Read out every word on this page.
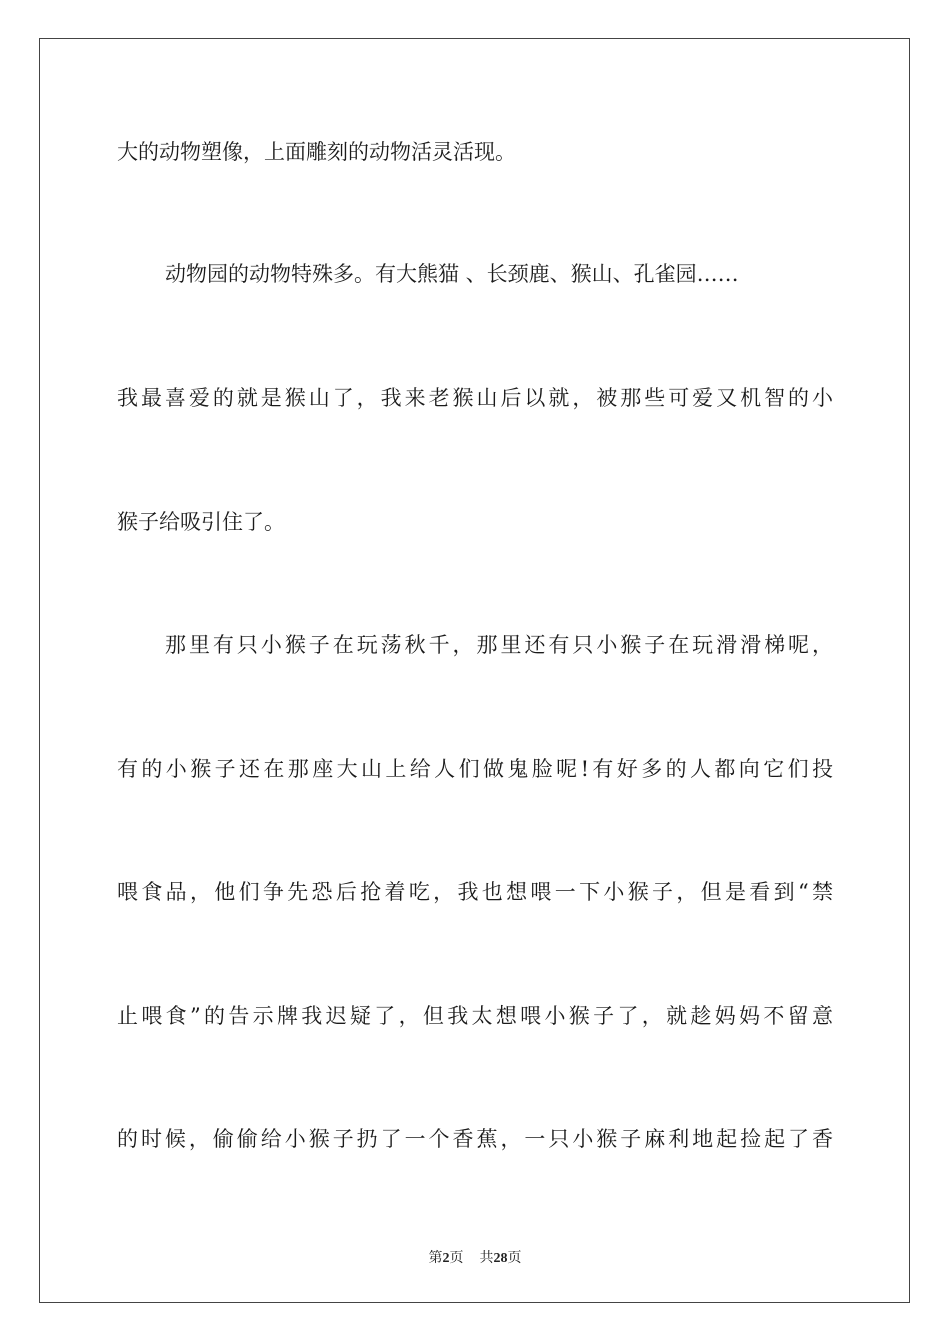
大的动物塑像，上面雕刻的动物活灵活现。
动物园的动物特殊多。有大熊猫 、长颈鹿、猴山、孔雀园……
我最喜爱的就是猴山了，我来老猴山后以就，被那些可爱又机智的小
猴子给吸引住了。
那里有只小猴子在玩荡秋千，那里还有只小猴子在玩滑滑梯呢，
有的小猴子还在那座大山上给人们做鬼脸呢!有好多的人都向它们投
喂食品，他们争先恐后抢着吃，我也想喂一下小猴子，但是看到“禁
止喂食”的告示牌我迟疑了，但我太想喂小猴子了，就趁妈妈不留意
的时候，偷偷给小猴子扔了一个香蕉，一只小猴子麻利地起捡起了香
第2页 共28页
